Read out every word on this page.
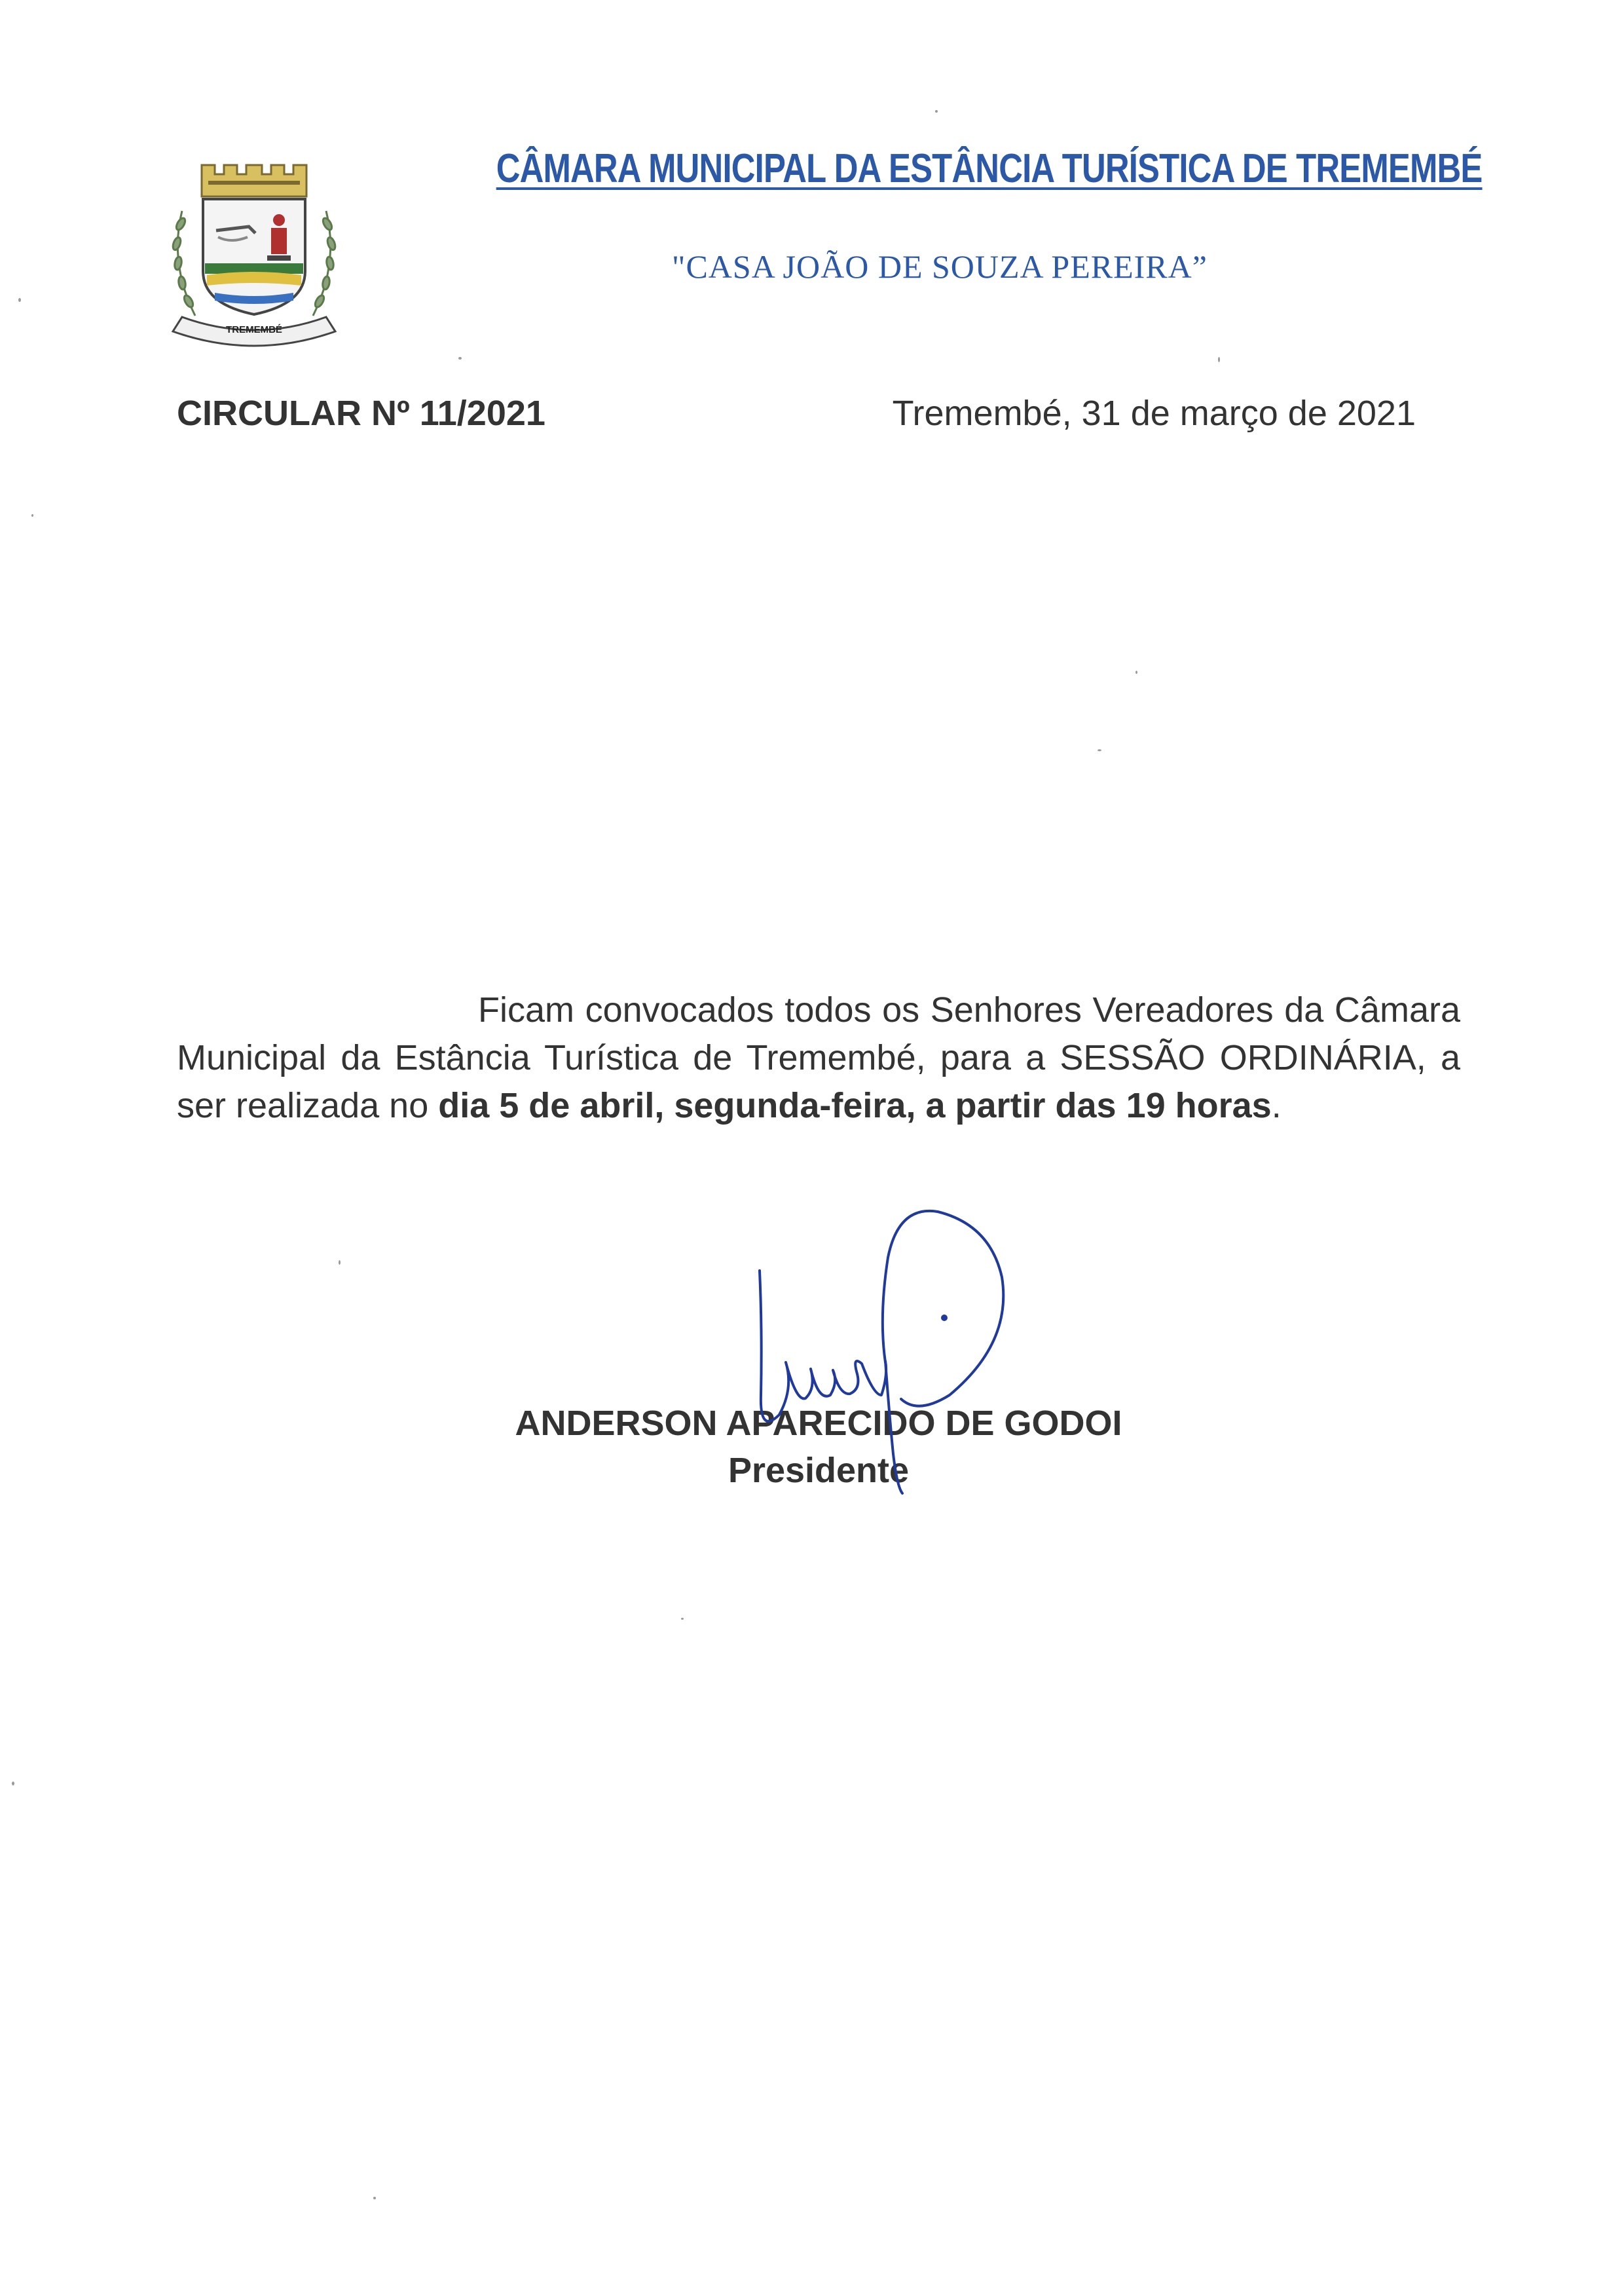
TREMEMBÉ
CÂMARA MUNICIPAL DA ESTÂNCIA TURÍSTICA DE TREMEMBÉ
"CASA JOÃO DE SOUZA PEREIRA”
CIRCULAR Nº 11/2021	Tremembé, 31 de março de 2021
Ficam convocados todos os Senhores Vereadores da Câmara Municipal da Estância Turística de Tremembé, para a SESSÃO ORDINÁRIA, a ser realizada no dia 5 de abril, segunda-feira, a partir das 19 horas.
ANDERSON APARECIDO DE GODOI
Presidente
